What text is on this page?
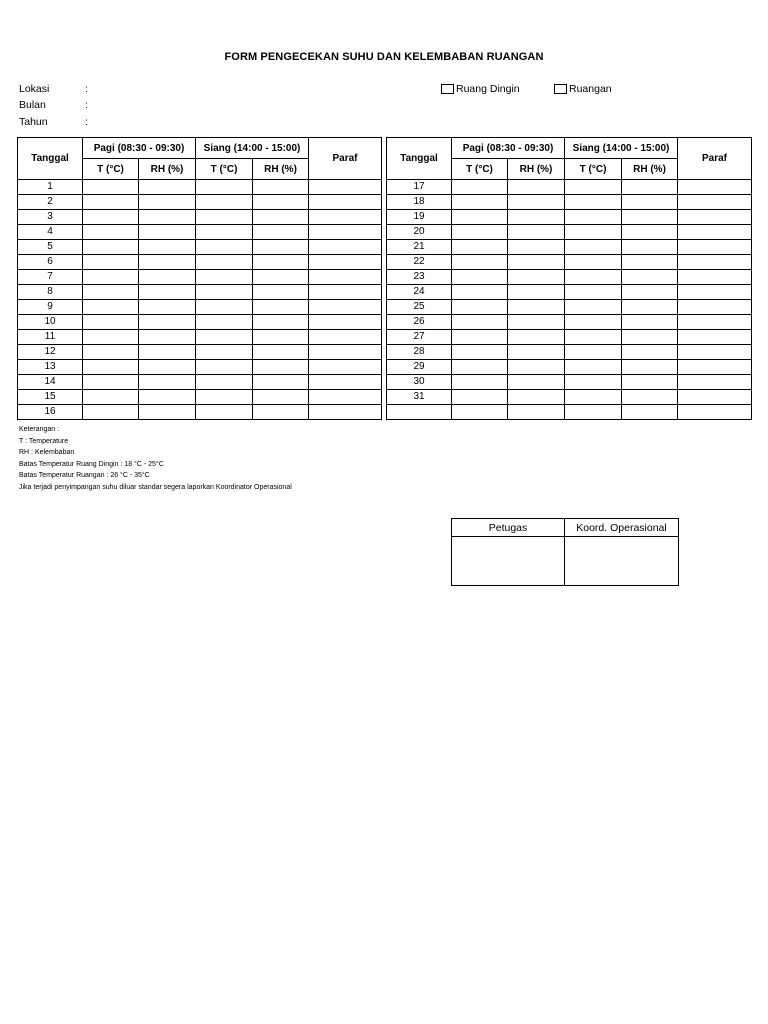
FORM PENGECEKAN SUHU DAN KELEMBABAN RUANGAN
Lokasi	:
Bulan	:
Tahun	:
Ruang Dingin	Ruangan
Tanggal	Pagi (08:30 - 09:30)		Siang (14:00 - 15:00)		Paraf
	T (°C)	RH (%)	T (°C)	RH (%)	
1					
2					
3					
4					
5					
6					
7					
8					
9					
10					
11					
12					
13					
14					
15					
16					
Tanggal	Pagi (08:30 - 09:30)		Siang (14:00 - 15:00)		Paraf
	T (°C)	RH (%)	T (°C)	RH (%)	
17					
18					
19					
20					
21					
22					
23					
24					
25					
26					
27					
28					
29					
30					
31					

Keterangan :
T : Temperature
RH : Kelembaban
Batas Temperatur Ruang Dingin : 18 °C - 25°C
Batas Temperatur Ruangan : 26 °C - 35°C
Jika terjadi penyimpangan suhu diluar standar segera laporkan Koordinator Operasional
Petugas	Koord. Operasional
